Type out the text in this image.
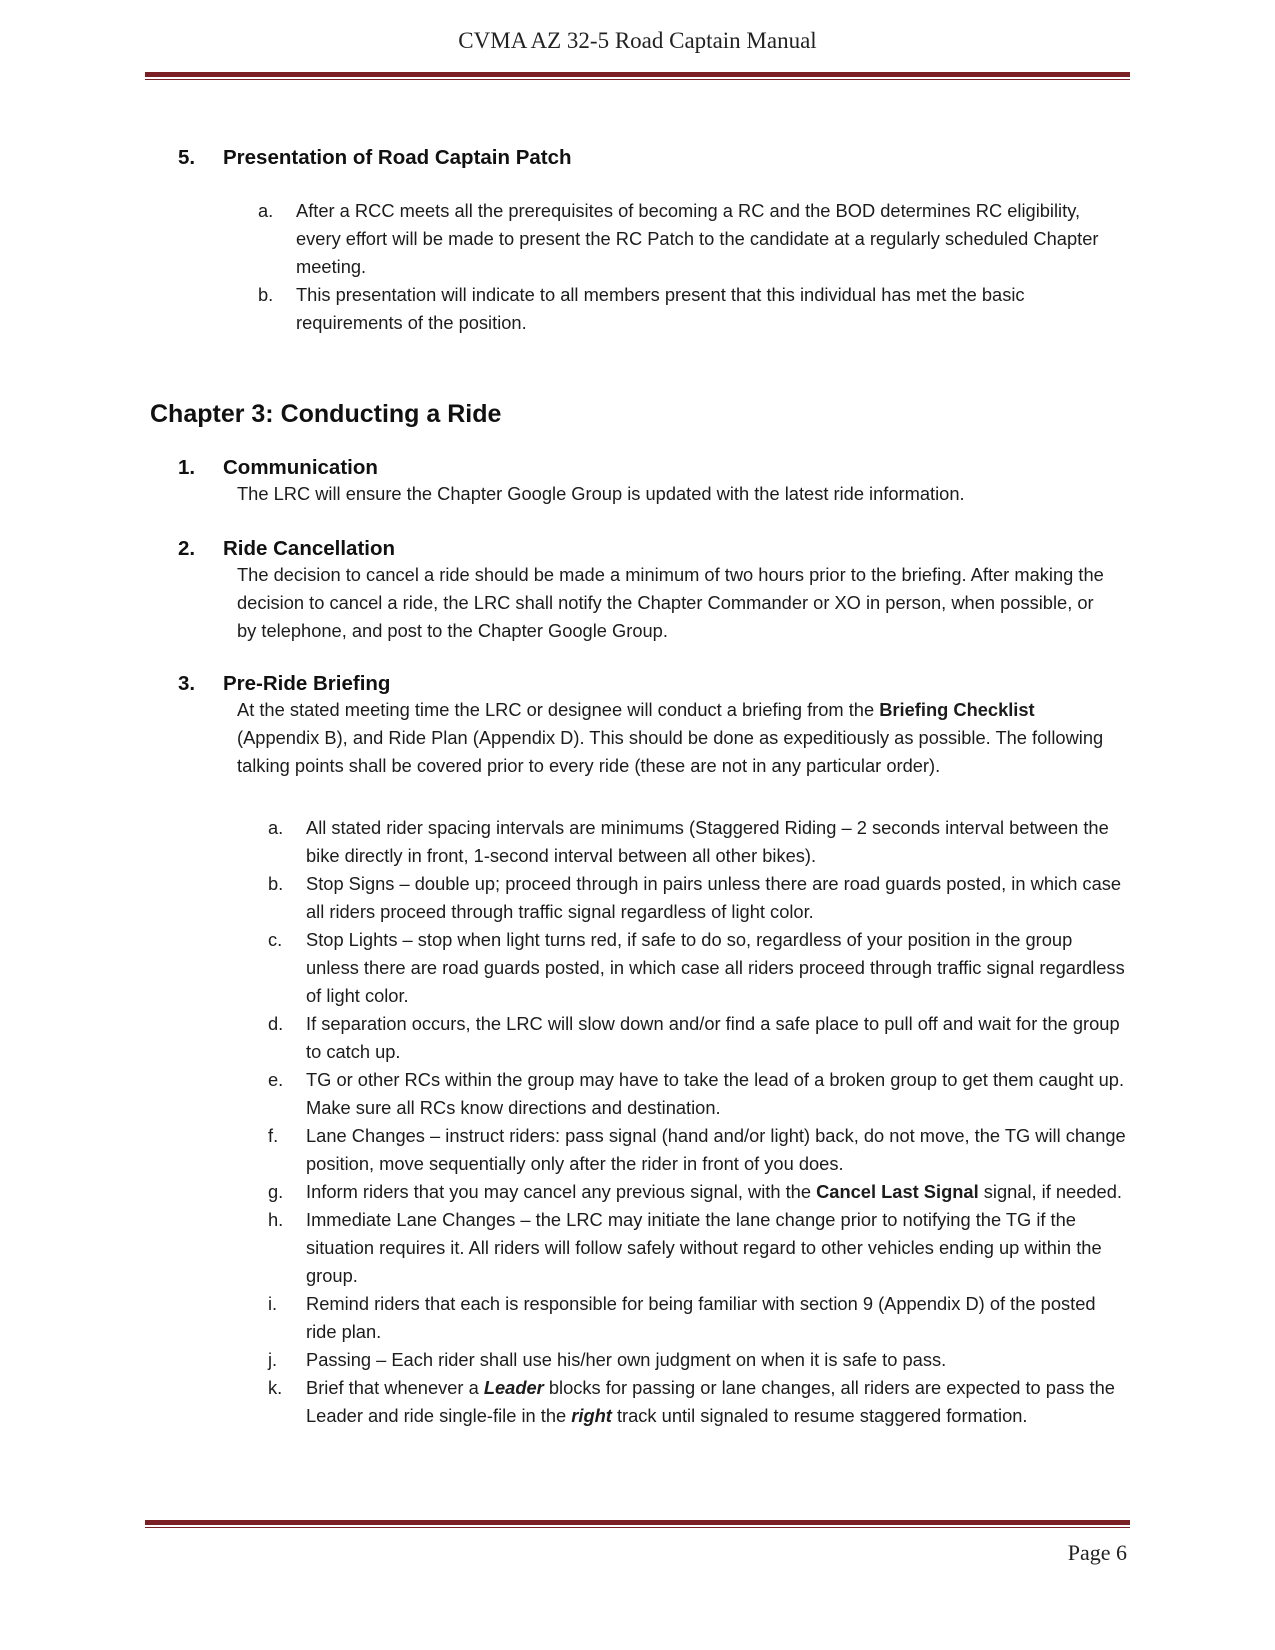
CVMA AZ 32-5 Road Captain Manual
5. Presentation of Road Captain Patch
a. After a RCC meets all the prerequisites of becoming a RC and the BOD determines RC eligibility, every effort will be made to present the RC Patch to the candidate at a regularly scheduled Chapter meeting.
b. This presentation will indicate to all members present that this individual has met the basic requirements of the position.
Chapter 3: Conducting a Ride
1. Communication
The LRC will ensure the Chapter Google Group is updated with the latest ride information.
2. Ride Cancellation
The decision to cancel a ride should be made a minimum of two hours prior to the briefing. After making the decision to cancel a ride, the LRC shall notify the Chapter Commander or XO in person, when possible, or by telephone, and post to the Chapter Google Group.
3. Pre-Ride Briefing
At the stated meeting time the LRC or designee will conduct a briefing from the Briefing Checklist (Appendix B), and Ride Plan (Appendix D). This should be done as expeditiously as possible. The following talking points shall be covered prior to every ride (these are not in any particular order).
a. All stated rider spacing intervals are minimums (Staggered Riding – 2 seconds interval between the bike directly in front, 1-second interval between all other bikes).
b. Stop Signs – double up; proceed through in pairs unless there are road guards posted, in which case all riders proceed through traffic signal regardless of light color.
c. Stop Lights – stop when light turns red, if safe to do so, regardless of your position in the group unless there are road guards posted, in which case all riders proceed through traffic signal regardless of light color.
d. If separation occurs, the LRC will slow down and/or find a safe place to pull off and wait for the group to catch up.
e. TG or other RCs within the group may have to take the lead of a broken group to get them caught up. Make sure all RCs know directions and destination.
f. Lane Changes – instruct riders: pass signal (hand and/or light) back, do not move, the TG will change position, move sequentially only after the rider in front of you does.
g. Inform riders that you may cancel any previous signal, with the Cancel Last Signal signal, if needed.
h. Immediate Lane Changes – the LRC may initiate the lane change prior to notifying the TG if the situation requires it. All riders will follow safely without regard to other vehicles ending up within the group.
i. Remind riders that each is responsible for being familiar with section 9 (Appendix D) of the posted ride plan.
j. Passing – Each rider shall use his/her own judgment on when it is safe to pass.
k. Brief that whenever a Leader blocks for passing or lane changes, all riders are expected to pass the Leader and ride single-file in the right track until signaled to resume staggered formation.
Page 6
